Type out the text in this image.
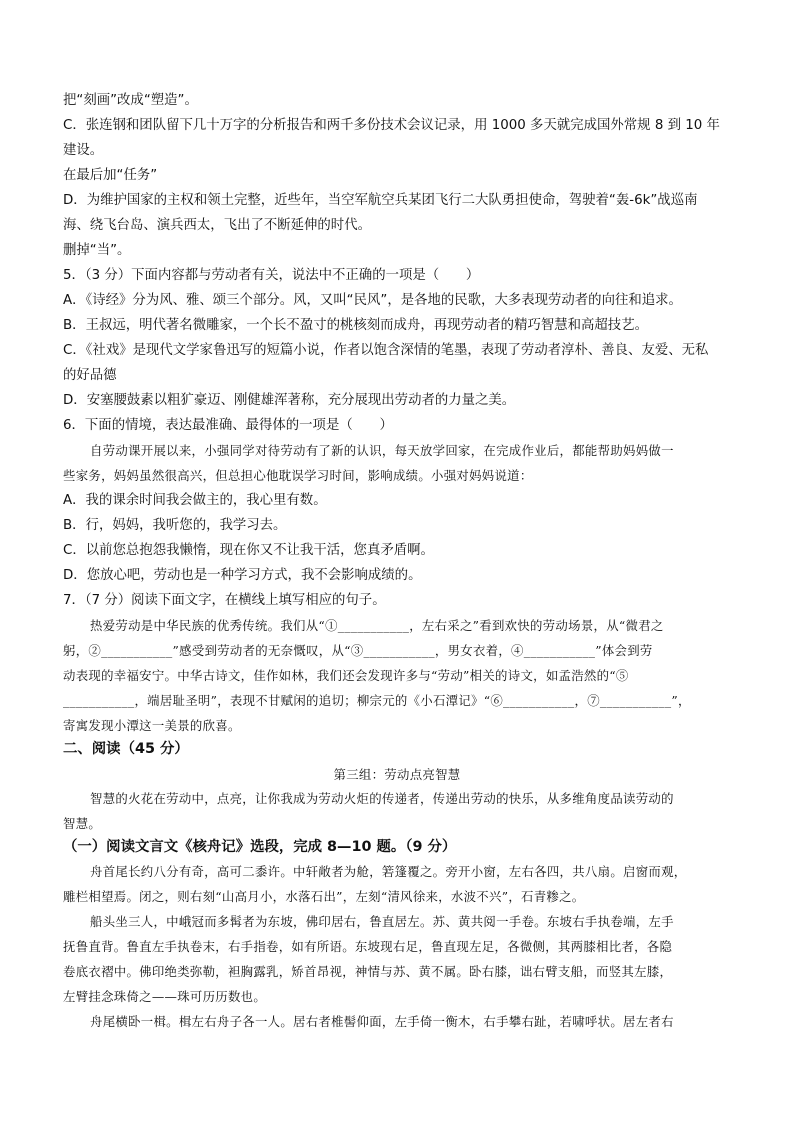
把“刻画”改成“塑造”。
C．张连钢和团队留下几十万字的分析报告和两千多份技术会议记录，用 1000 多天就完成国外常规 8 到 10 年
建设。
在最后加“任务”
D．为维护国家的主权和领土完整，近些年，当空军航空兵某团飞行二大队勇担使命，驾驶着“轰-6k”战巡南
海、绕飞台岛、演兵西太，飞出了不断延伸的时代。
删掉“当”。
5．（3 分）下面内容都与劳动者有关，说法中不正确的一项是（　　）
A．《诗经》分为风、雅、颂三个部分。风，又叫“民风”，是各地的民歌，大多表现劳动者的向往和追求。
B．王叔远，明代著名微雕家，一个长不盈寸的桃核刻而成舟，再现劳动者的精巧智慧和高超技艺。
C．《社戏》是现代文学家鲁迅写的短篇小说，作者以饱含深情的笔墨，表现了劳动者淳朴、善良、友爱、无私
的好品德
D．安塞腰鼓素以粗犷豪迈、刚健雄浑著称，充分展现出劳动者的力量之美。
6．下面的情境，表达最准确、最得体的一项是（　　）
自劳动课开展以来，小强同学对待劳动有了新的认识，每天放学回家，在完成作业后，都能帮助妈妈做一
些家务，妈妈虽然很高兴，但总担心他耽误学习时间，影响成绩。小强对妈妈说道：
A．我的课余时间我会做主的，我心里有数。
B．行，妈妈，我听您的，我学习去。
C．以前您总抱怨我懒惰，现在你又不让我干活，您真矛盾啊。
D．您放心吧，劳动也是一种学习方式，我不会影响成绩的。
7．（7 分）阅读下面文字，在横线上填写相应的句子。
热爱劳动是中华民族的优秀传统。我们从“①___________，左右采之”看到欢快的劳动场景，从“微君之
躬，②___________”感受到劳动者的无奈慨叹，从“③___________，男女衣着，④___________”体会到劳
动表现的幸福安宁。中华古诗文，佳作如林，我们还会发现许多与“劳动”相关的诗文，如孟浩然的“⑤
___________，端居耻圣明”，表现不甘赋闲的追切；柳宗元的《小石潭记》“⑥___________，⑦___________”，
寄寓发现小潭这一美景的欣喜。
二、阅读（45 分）
第三组：劳动点亮智慧
智慧的火花在劳动中，点亮，让你我成为劳动火炬的传递者，传递出劳动的快乐，从多维角度品读劳动的
智慧。
（一）阅读文言文《核舟记》选段，完成 8—10 题。（9 分）
舟首尾长约八分有奇，高可二黍许。中轩敞者为舱，箬篷覆之。旁开小窗，左右各四，共八扇。启窗而观，
雕栏相望焉。闭之，则右刻“山高月小，水落石出”，左刻“清风徐来，水波不兴”，石青糁之。
船头坐三人，中峨冠而多髯者为东坡，佛印居右，鲁直居左。苏、黄共阅一手卷。东坡右手执卷端，左手
抚鲁直背。鲁直左手执卷末，右手指卷，如有所语。东坡现右足，鲁直现左足，各微侧，其两膝相比者，各隐
卷底衣褶中。佛印绝类弥勒，袒胸露乳，矫首昂视，神情与苏、黄不属。卧右膝，诎右臂支船，而竖其左膝，
左臂挂念珠倚之——珠可历历数也。
舟尾横卧一楫。楫左右舟子各一人。居右者椎髻仰面，左手倚一衡木，右手攀右趾，若啸呼状。居左者右
